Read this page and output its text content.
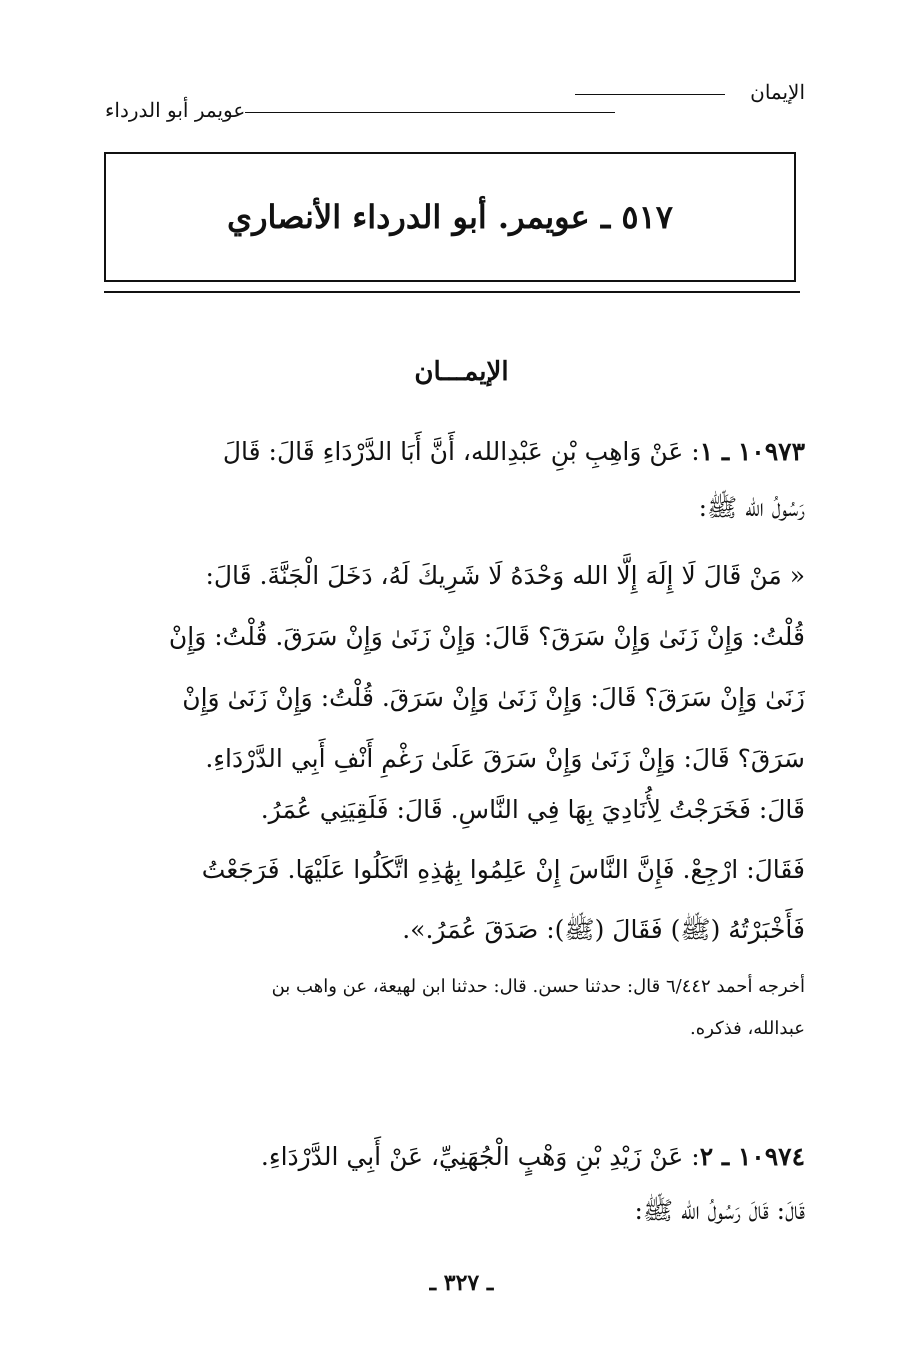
الإيمان
عويمر أبو الدرداء
٥١٧ ـ عويمر. أبو الدرداء الأنصاري
الإيمـــان
١٠٩٧٣ ـ ١: عَنْ وَاهِبِ بْنِ عَبْدِالله، أَنَّ أَبَا الدَّرْدَاءِ قَالَ: قَالَ
رَسُولُ الله ﷺ:
« مَنْ قَالَ لَا إِلَهَ إِلَّا الله وَحْدَهُ لَا شَرِيكَ لَهُ، دَخَلَ الْجَنَّةَ. قَالَ:
قُلْتُ: وَإِنْ زَنَىٰ وَإِنْ سَرَقَ؟ قَالَ: وَإِنْ زَنَىٰ وَإِنْ سَرَقَ. قُلْتُ: وَإِنْ
زَنَىٰ وَإِنْ سَرَقَ؟ قَالَ: وَإِنْ زَنَىٰ وَإِنْ سَرَقَ. قُلْتُ: وَإِنْ زَنَىٰ وَإِنْ
سَرَقَ؟ قَالَ: وَإِنْ زَنَىٰ وَإِنْ سَرَقَ عَلَىٰ رَغْمِ أَنْفِ أَبِي الدَّرْدَاءِ.
قَالَ: فَخَرَجْتُ لِأُنَادِيَ بِهَا فِي النَّاسِ. قَالَ: فَلَقِيَنِي عُمَرُ.
فَقَالَ: ارْجِعْ. فَإِنَّ النَّاسَ إِنْ عَلِمُوا بِهَٰذِهِ اتَّكَلُوا عَلَيْهَا. فَرَجَعْتُ
فَأَخْبَرْتُهُ (ﷺ) فَقَالَ (ﷺ): صَدَقَ عُمَرُ.».
أخرجه أحمد ٦/٤٤٢ قال: حدثنا حسن. قال: حدثنا ابن لهيعة، عن واهب بن
عبدالله، فذكره.
١٠٩٧٤ ـ ٢: عَنْ زَيْدِ بْنِ وَهْبٍ الْجُهَنِيِّ، عَنْ أَبِي الدَّرْدَاءِ.
قَالَ: قَالَ رَسُولُ الله ﷺ:
ـ ٣٢٧ ـ
